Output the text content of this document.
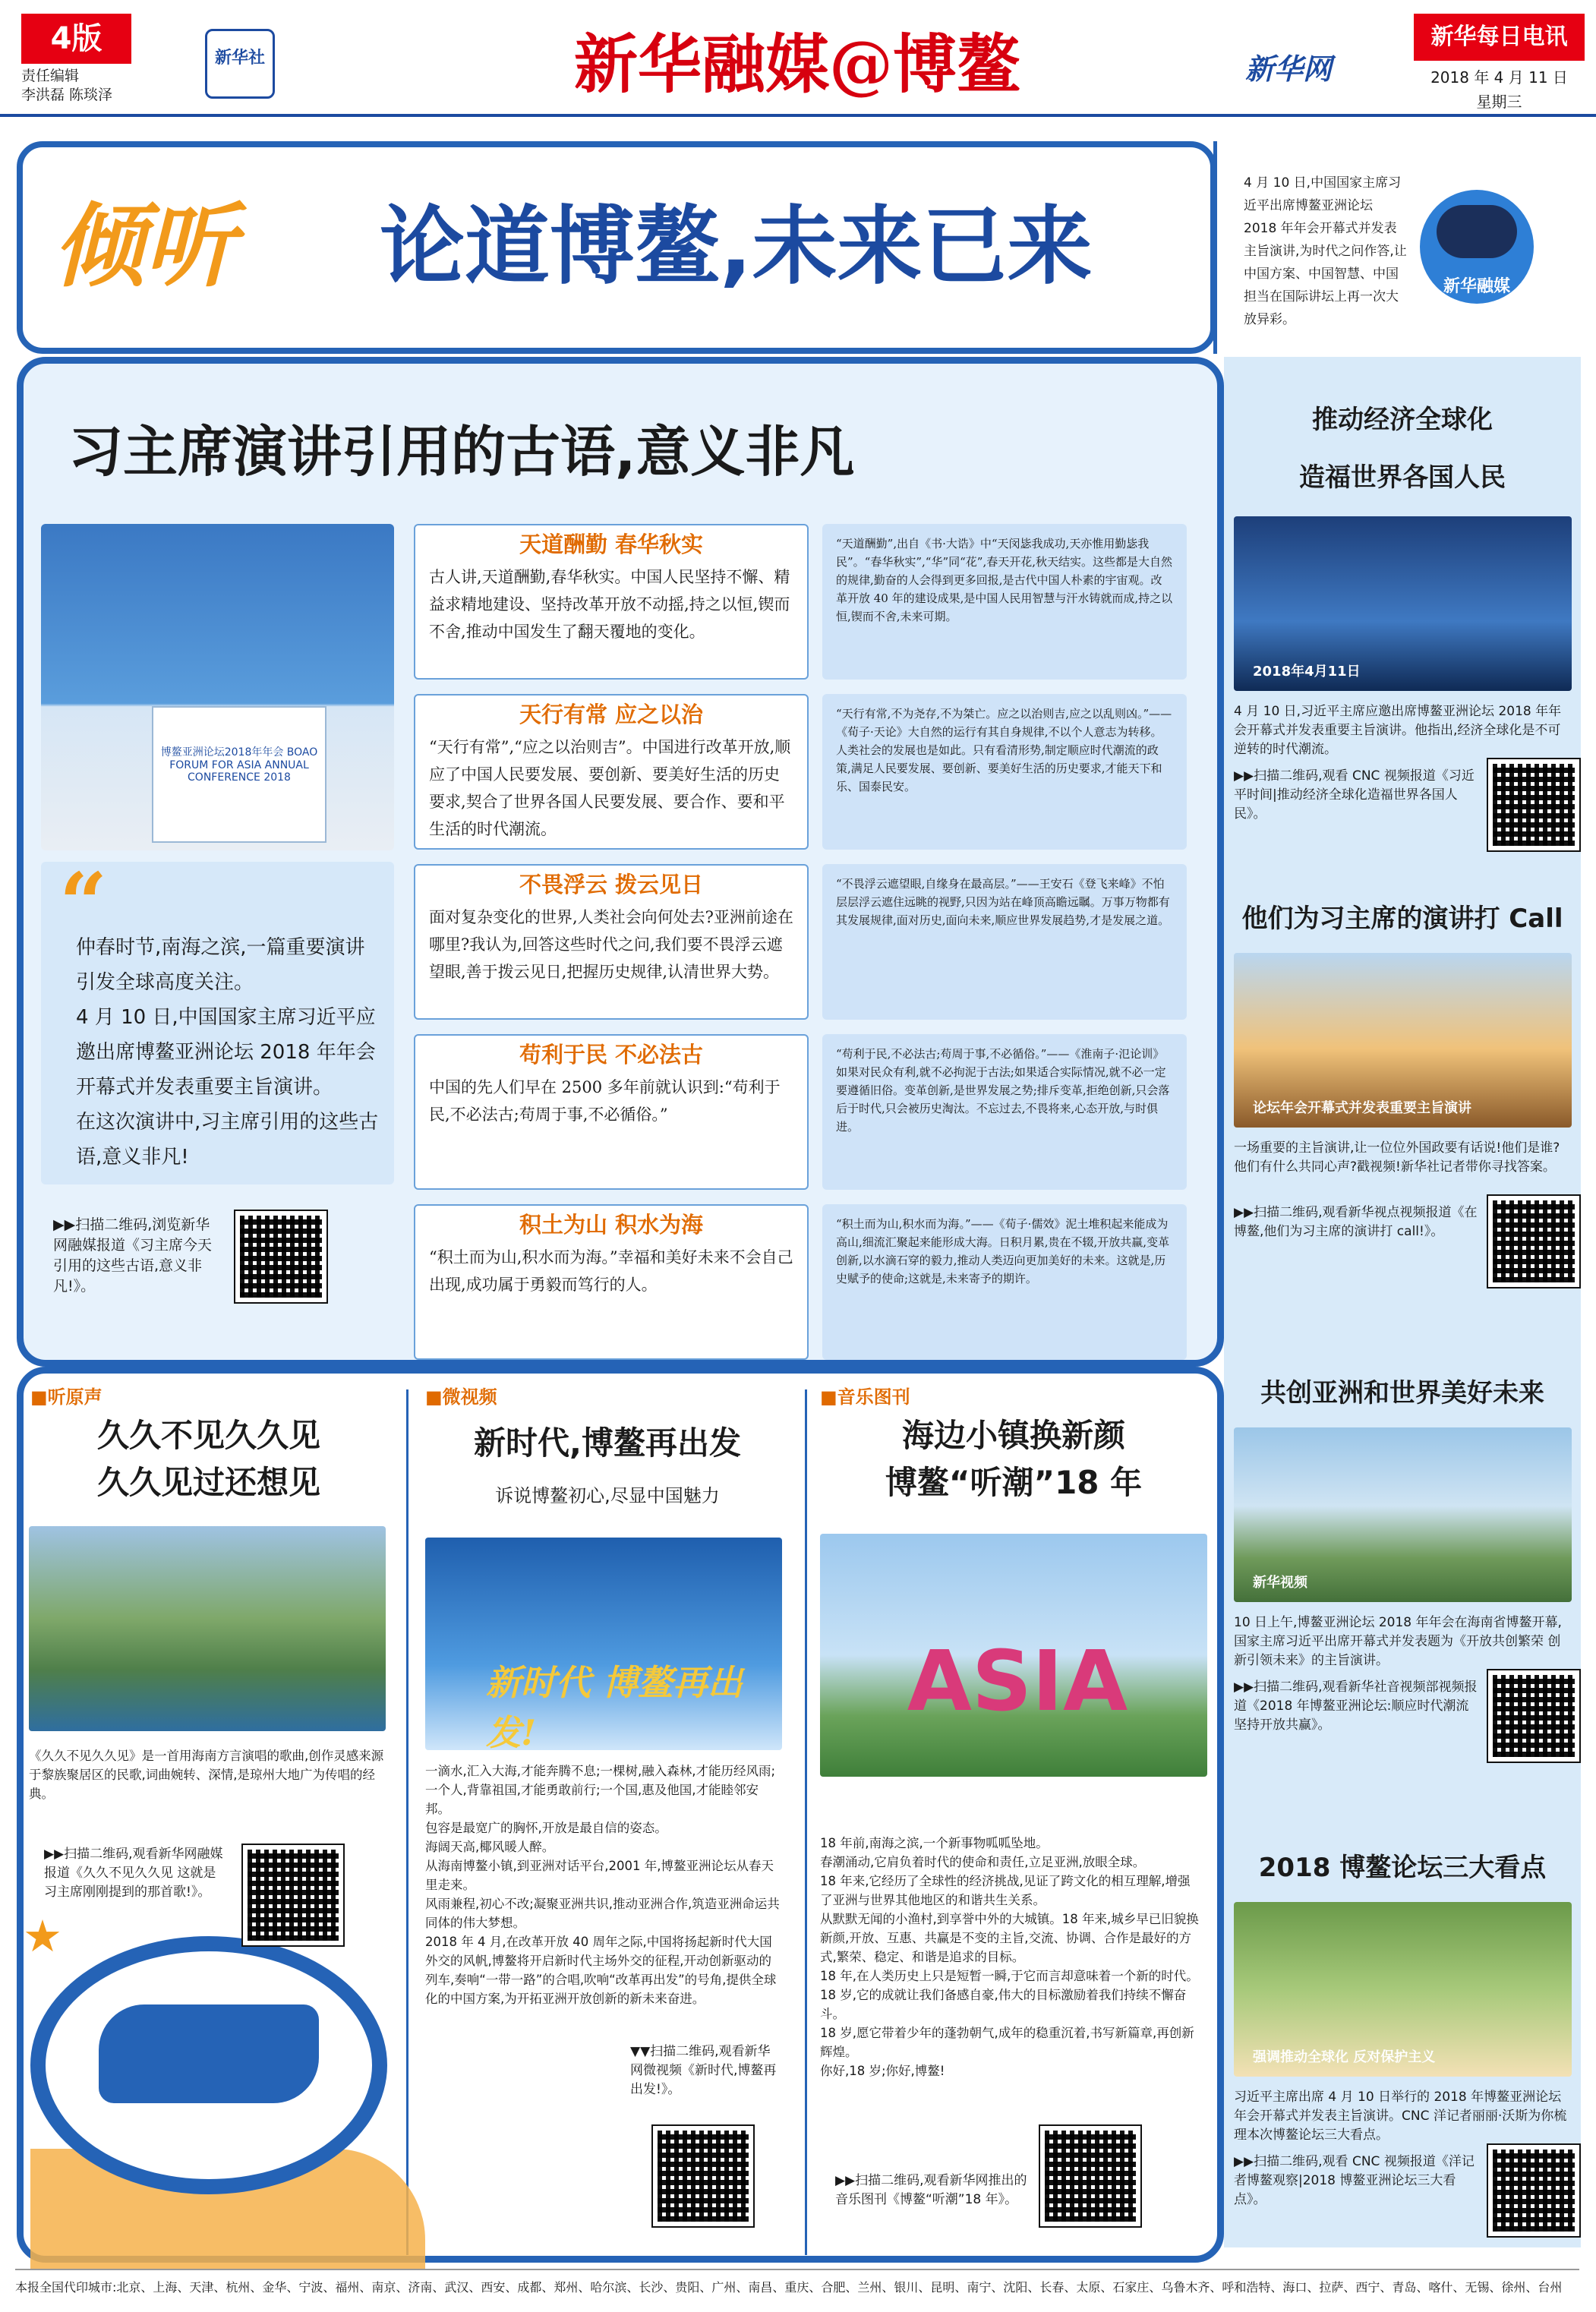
4版
责任编辑
李洪磊 陈琰泽
新华社	新华融媒@博鳌	新华网
新华每日电讯
2018 年 4 月 11 日
星期三
倾听	论道博鳌,未来已来
4 月 10 日,中国国家主席习近平出席博鳌亚洲论坛 2018 年年会开幕式并发表主旨演讲,为时代之问作答,让中国方案、中国智慧、中国担当在国际讲坛上再一次大放异彩。
新华融媒
习主席演讲引用的古语,意义非凡
博鳌亚洲论坛2018年年会 BOAO FORUM FOR ASIA ANNUAL CONFERENCE 2018
“
仲春时节,南海之滨,一篇重要演讲引发全球高度关注。
4 月 10 日,中国国家主席习近平应邀出席博鳌亚洲论坛 2018 年年会开幕式并发表重要主旨演讲。
在这次演讲中,习主席引用的这些古语,意义非凡!
▶▶扫描二维码,浏览新华网融媒报道《习主席今天引用的这些古语,意义非凡!》。
天道酬勤 春华秋实
古人讲,天道酬勤,春华秋实。中国人民坚持不懈、精益求精地建设、坚持改革开放不动摇,持之以恒,锲而不舍,推动中国发生了翻天覆地的变化。
“天道酬勤”,出自《书·大诰》中“天闵毖我成功,天亦惟用勤毖我民”。“春华秋实”,“华”同“花”,春天开花,秋天结实。这些都是大自然的规律,勤奋的人会得到更多回报,是古代中国人朴素的宇宙观。改革开放 40 年的建设成果,是中国人民用智慧与汗水铸就而成,持之以恒,锲而不舍,未来可期。
天行有常 应之以治
“天行有常”,“应之以治则吉”。中国进行改革开放,顺应了中国人民要发展、要创新、要美好生活的历史要求,契合了世界各国人民要发展、要合作、要和平生活的时代潮流。
“天行有常,不为尧存,不为桀亡。应之以治则吉,应之以乱则凶。”——《荀子·天论》大自然的运行有其自身规律,不以个人意志为转移。人类社会的发展也是如此。只有看清形势,制定顺应时代潮流的政策,满足人民要发展、要创新、要美好生活的历史要求,才能天下和乐、国泰民安。
不畏浮云 拨云见日
面对复杂变化的世界,人类社会向何处去?亚洲前途在哪里?我认为,回答这些时代之问,我们要不畏浮云遮望眼,善于拨云见日,把握历史规律,认清世界大势。
“不畏浮云遮望眼,自缘身在最高层。”——王安石《登飞来峰》不怕层层浮云遮住远眺的视野,只因为站在峰顶高瞻远瞩。万事万物都有其发展规律,面对历史,面向未来,顺应世界发展趋势,才是发展之道。
苟利于民 不必法古
中国的先人们早在 2500 多年前就认识到:“苟利于民,不必法古;苟周于事,不必循俗。”
“苟利于民,不必法古;苟周于事,不必循俗。”——《淮南子·氾论训》如果对民众有利,就不必拘泥于古法;如果适合实际情况,就不必一定要遵循旧俗。变革创新,是世界发展之势;排斥变革,拒绝创新,只会落后于时代,只会被历史淘汰。不忘过去,不畏将来,心态开放,与时俱进。
积土为山 积水为海
“积土而为山,积水而为海。”幸福和美好未来不会自己出现,成功属于勇毅而笃行的人。
“积土而为山,积水而为海。”——《荀子·儒效》泥土堆积起来能成为高山,细流汇聚起来能形成大海。日积月累,贵在不辍,开放共赢,变革创新,以水滴石穿的毅力,推动人类迈向更加美好的未来。这就是,历史赋予的使命;这就是,未来寄予的期许。
推动经济全球化
造福世界各国人民
2018年4月11日
4 月 10 日,习近平主席应邀出席博鳌亚洲论坛 2018 年年会开幕式并发表重要主旨演讲。他指出,经济全球化是不可逆转的时代潮流。
▶▶扫描二维码,观看 CNC 视频报道《习近平时间|推动经济全球化造福世界各国人民》。
他们为习主席的演讲打 Call
论坛年会开幕式并发表重要主旨演讲
一场重要的主旨演讲,让一位位外国政要有话说!他们是谁?他们有什么共同心声?戳视频!新华社记者带你寻找答案。
▶▶扫描二维码,观看新华视点视频报道《在博鳌,他们为习主席的演讲打 call!》。
共创亚洲和世界美好未来
新华视频
10 日上午,博鳌亚洲论坛 2018 年年会在海南省博鳌开幕,国家主席习近平出席开幕式并发表题为《开放共创繁荣 创新引领未来》的主旨演讲。
▶▶扫描二维码,观看新华社音视频部视频报道《2018 年博鳌亚洲论坛:顺应时代潮流 坚持开放共赢》。
2018 博鳌论坛三大看点
强调推动全球化 反对保护主义
习近平主席出席 4 月 10 日举行的 2018 年博鳌亚洲论坛年会开幕式并发表主旨演讲。CNC 洋记者丽丽·沃斯为你梳理本次博鳌论坛三大看点。
▶▶扫描二维码,观看 CNC 视频报道《洋记者博鳌观察|2018 博鳌亚洲论坛三大看点》。
★
■听原声
久久不见久久见
久久见过还想见
《久久不见久久见》是一首用海南方言演唱的歌曲,创作灵感来源于黎族聚居区的民歌,词曲婉转、深情,是琼州大地广为传唱的经典。
▶▶扫描二维码,观看新华网融媒报道《久久不见久久见 这就是习主席刚刚提到的那首歌!》。
■微视频
新时代,博鳌再出发
诉说博鳌初心,尽显中国魅力
新时代 博鳌再出发!
一滴水,汇入大海,才能奔腾不息;一棵树,融入森林,才能历经风雨;一个人,背靠祖国,才能勇敢前行;一个国,惠及他国,才能睦邻安邦。
包容是最宽广的胸怀,开放是最自信的姿态。
海阔天高,椰风暖人醉。
从海南博鳌小镇,到亚洲对话平台,2001 年,博鳌亚洲论坛从春天里走来。
风雨兼程,初心不改;凝聚亚洲共识,推动亚洲合作,筑造亚洲命运共同体的伟大梦想。
2018 年 4 月,在改革开放 40 周年之际,中国将扬起新时代大国外交的风帆,博鳌将开启新时代主场外交的征程,开动创新驱动的列车,奏响“一带一路”的合唱,吹响“改革再出发”的号角,提供全球化的中国方案,为开拓亚洲开放创新的新未来奋进。
▼▼扫描二维码,观看新华网微视频《新时代,博鳌再出发!》。
■音乐图刊
海边小镇换新颜
博鳌“听潮”18 年
ASIA
18 年前,南海之滨,一个新事物呱呱坠地。
春潮涌动,它肩负着时代的使命和责任,立足亚洲,放眼全球。
18 年来,它经历了全球性的经济挑战,见证了跨文化的相互理解,增强了亚洲与世界其他地区的和谐共生关系。
从默默无闻的小渔村,到享誉中外的大城镇。18 年来,城乡早已旧貌换新颜,开放、互惠、共赢是不变的主旨,交流、协调、合作是最好的方式,繁荣、稳定、和谐是追求的目标。
18 年,在人类历史上只是短暂一瞬,于它而言却意味着一个新的时代。
18 岁,它的成就让我们备感自豪,伟大的目标激励着我们持续不懈奋斗。
18 岁,愿它带着少年的蓬勃朝气,成年的稳重沉着,书写新篇章,再创新辉煌。
你好,18 岁;你好,博鳌!
▶▶扫描二维码,观看新华网推出的音乐图刊《博鳌“听潮”18 年》。
本报全国代印城市:北京、上海、天津、杭州、金华、宁波、福州、南京、济南、武汉、西安、成都、郑州、哈尔滨、长沙、贵阳、广州、南昌、重庆、合肥、兰州、银川、昆明、南宁、沈阳、长春、太原、石家庄、乌鲁木齐、呼和浩特、海口、拉萨、西宁、青岛、喀什、无锡、徐州、台州
